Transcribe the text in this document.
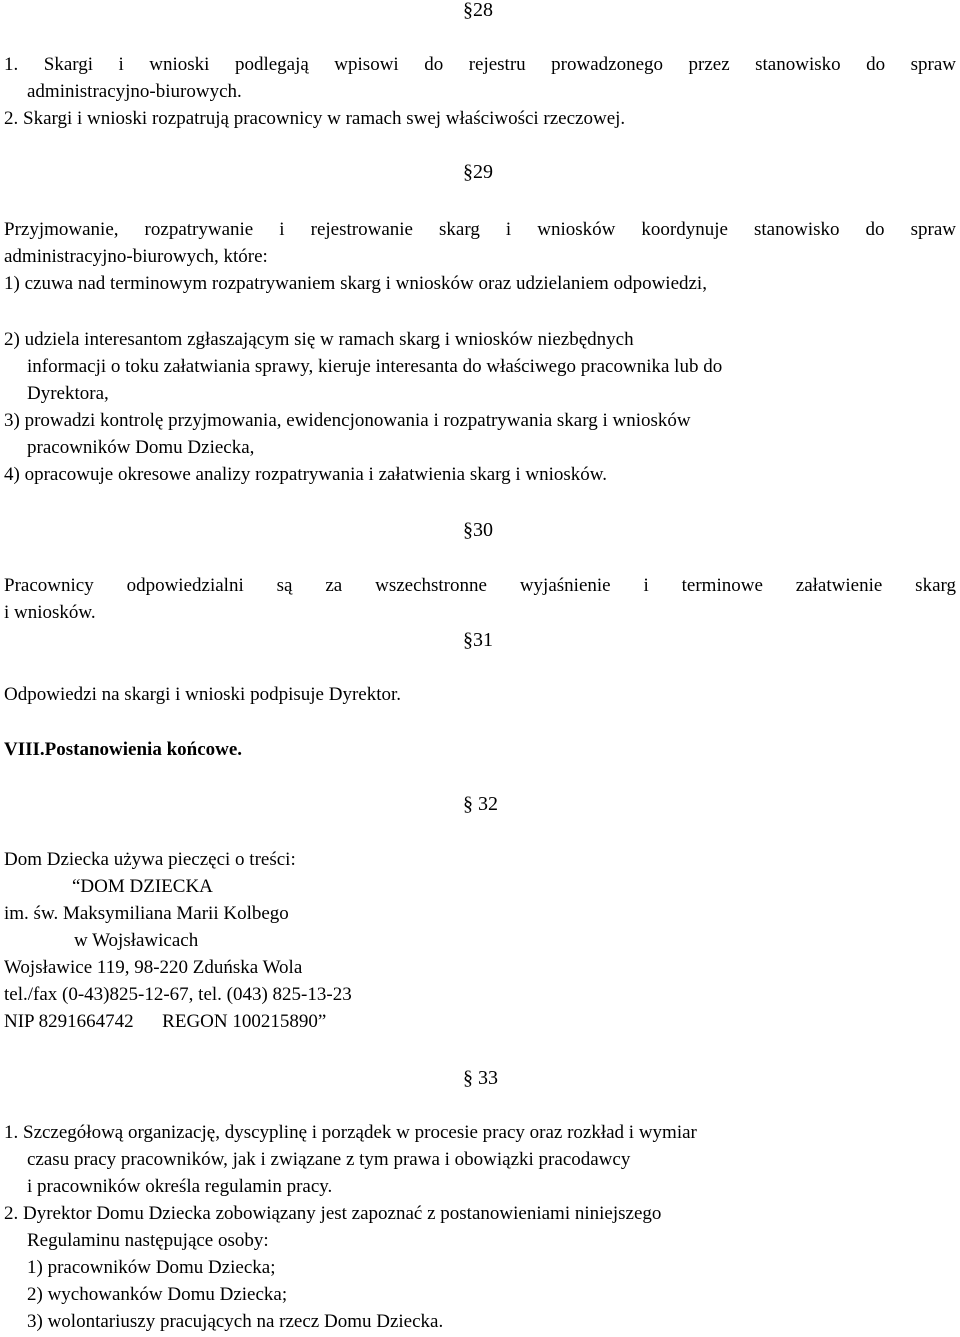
§28

1. Skargi i wnioski podlegają wpisowi do rejestru prowadzonego przez stanowisko do spraw

administracyjno-biurowych.

2. Skargi i wnioski rozpatrują pracownicy w ramach swej właściwości rzeczowej.

§29

Przyjmowanie, rozpatrywanie i rejestrowanie skarg i wniosków koordynuje stanowisko do spraw

administracyjno-biurowych, które:

1) czuwa nad terminowym rozpatrywaniem skarg i wniosków oraz udzielaniem odpowiedzi,

2) udziela interesantom zgłaszającym się w ramach skarg i wniosków niezbędnych

informacji o toku załatwiania sprawy, kieruje interesanta do właściwego pracownika lub do

Dyrektora,

3) prowadzi kontrolę przyjmowania, ewidencjonowania i rozpatrywania skarg i wniosków

pracowników Domu Dziecka,

4) opracowuje okresowe analizy rozpatrywania i załatwienia skarg i wniosków.

§30

Pracownicy odpowiedzialni są za wszechstronne wyjaśnienie i terminowe załatwienie skarg

i wniosków.

§31

Odpowiedzi na skargi i wnioski podpisuje Dyrektor.

VIII.Postanowienia końcowe.

§ 32

Dom Dziecka używa pieczęci o treści:

“DOM DZIECKA

im. św. Maksymiliana Marii Kolbego

w Wojsławicach

Wojsławice 119, 98-220 Zduńska Wola

tel./fax (0-43)825-12-67, tel. (043) 825-13-23

NIP 8291664742      REGON 100215890”

§ 33

1. Szczegółową organizację, dyscyplinę i porządek w procesie pracy oraz rozkład i wymiar

czasu pracy pracowników, jak i związane z tym prawa i obowiązki pracodawcy

i pracowników określa regulamin pracy.

2. Dyrektor Domu Dziecka zobowiązany jest zapoznać z postanowieniami niniejszego

Regulaminu następujące osoby:

1) pracowników Domu Dziecka;

2) wychowanków Domu Dziecka;

3) wolontariuszy pracujących na rzecz Domu Dziecka.
